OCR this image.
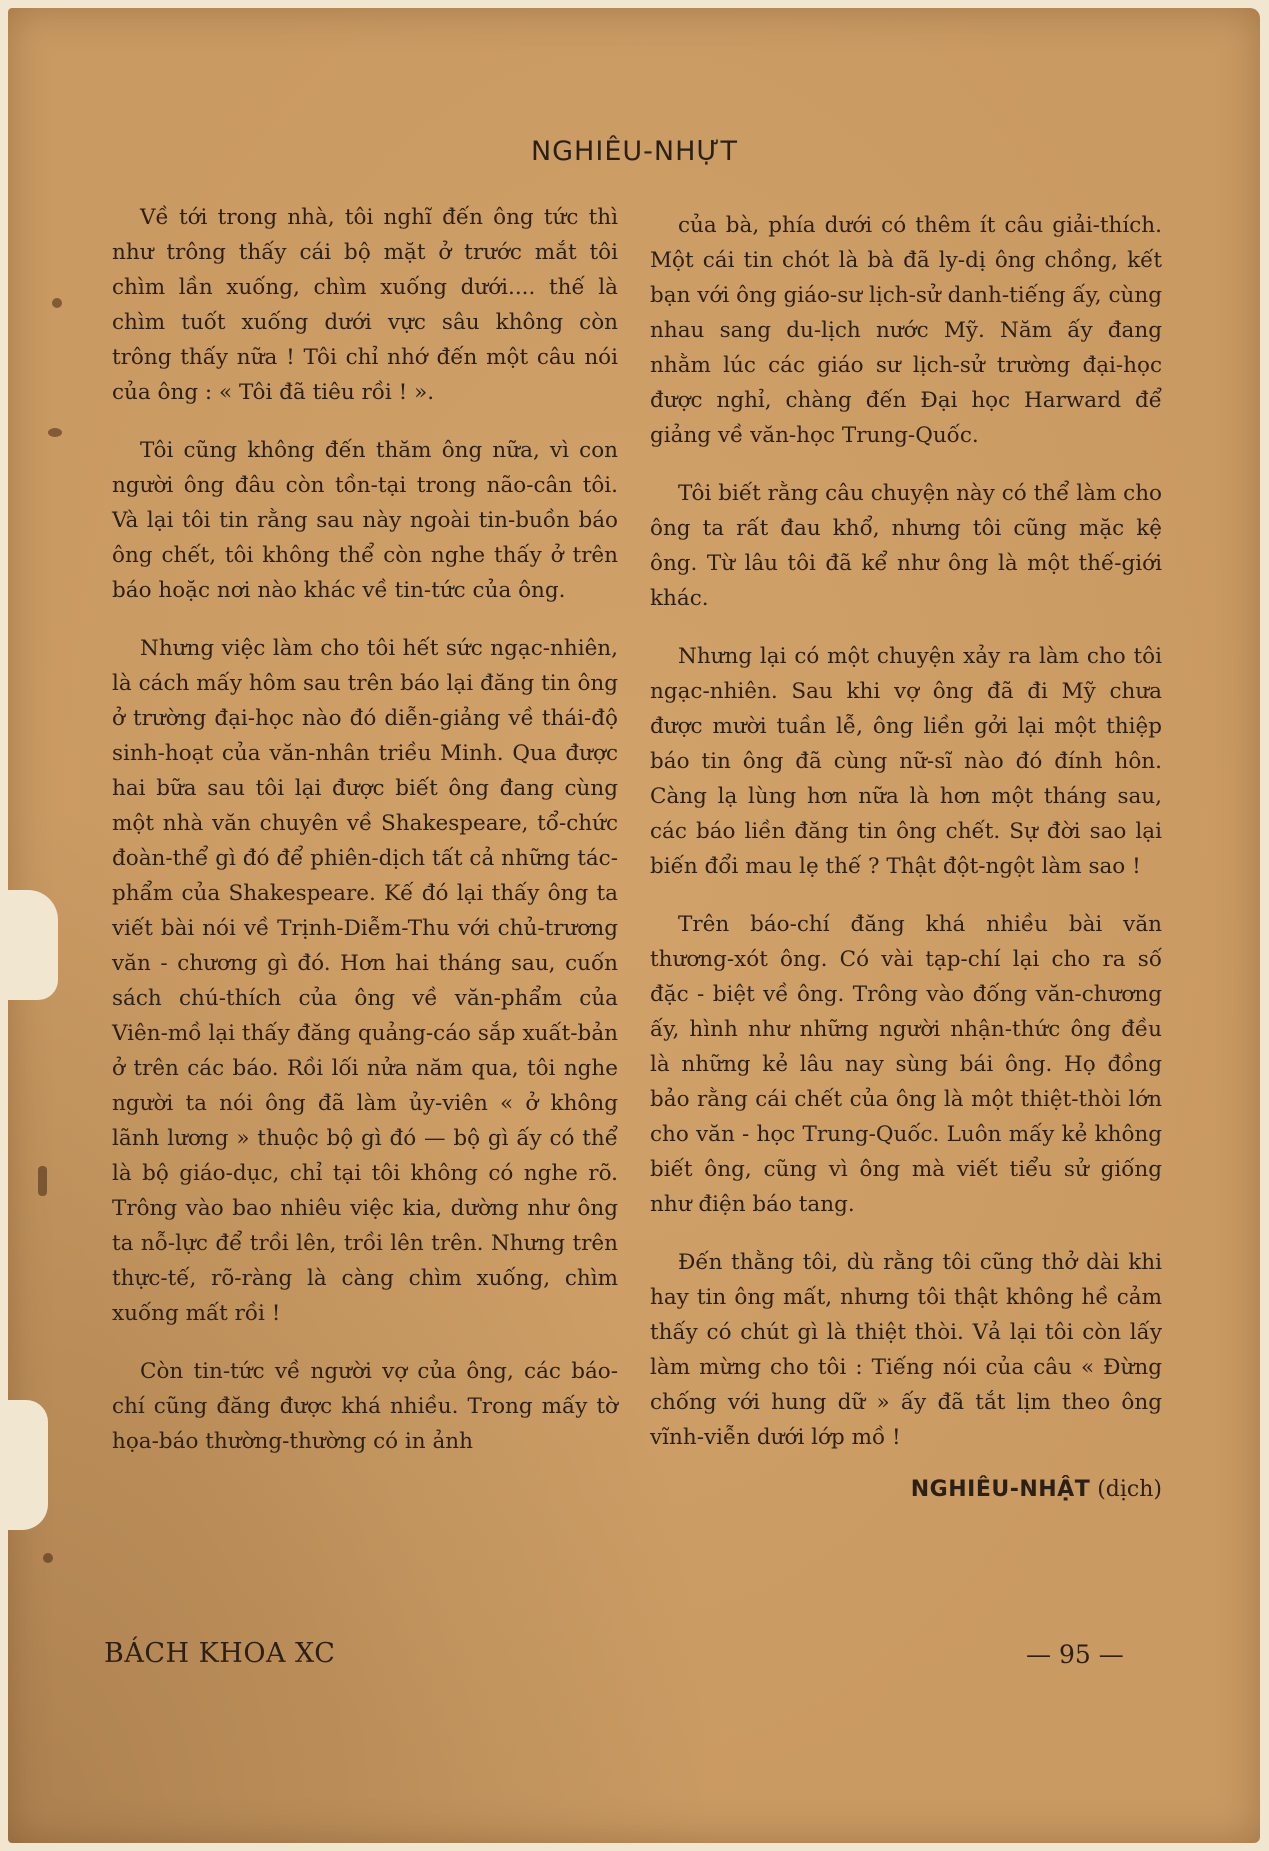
NGHIÊU-NHỰT

Về tới trong nhà, tôi nghĩ đến ông tức thì như trông thấy cái bộ mặt ở trước mắt tôi chìm lần xuống, chìm xuống dưới.... thế là chìm tuốt xuống dưới vực sâu không còn trông thấy nữa ! Tôi chỉ nhớ đến một câu nói của ông : « Tôi đã tiêu rồi ! ».

Tôi cũng không đến thăm ông nữa, vì con người ông đâu còn tồn-tại trong não-cân tôi. Và lại tôi tin rằng sau này ngoài tin-buồn báo ông chết, tôi không thể còn nghe thấy ở trên báo hoặc nơi nào khác về tin-tức của ông.

Nhưng việc làm cho tôi hết sức ngạc-nhiên, là cách mấy hôm sau trên báo lại đăng tin ông ở trường đại-học nào đó diễn-giảng về thái-độ sinh-hoạt của văn-nhân triều Minh. Qua được hai bữa sau tôi lại được biết ông đang cùng một nhà văn chuyên về Shakespeare, tổ-chức đoàn-thể gì đó để phiên-dịch tất cả những tác-phẩm của Shakespeare. Kế đó lại thấy ông ta viết bài nói về Trịnh-Diễm-Thu với chủ-trương văn - chương gì đó. Hơn hai tháng sau, cuốn sách chú-thích của ông về văn-phẩm của Viên-mồ lại thấy đăng quảng-cáo sắp xuất-bản ở trên các báo. Rồi lối nửa năm qua, tôi nghe người ta nói ông đã làm ủy-viên « ở không lãnh lương » thuộc bộ gì đó — bộ gì ấy có thể là bộ giáo-dục, chỉ tại tôi không có nghe rõ. Trông vào bao nhiêu việc kia, dường như ông ta nỗ-lực để trồi lên, trồi lên trên. Nhưng trên thực-tế, rõ-ràng là càng chìm xuống, chìm xuống mất rồi !

Còn tin-tức về người vợ của ông, các báo-chí cũng đăng được khá nhiều. Trong mấy tờ họa-báo thường-thường có in ảnh

của bà, phía dưới có thêm ít câu giải-thích. Một cái tin chót là bà đã ly-dị ông chồng, kết bạn với ông giáo-sư lịch-sử danh-tiếng ấy, cùng nhau sang du-lịch nước Mỹ. Năm ấy đang nhằm lúc các giáo sư lịch-sử trường đại-học được nghỉ, chàng đến Đại học Harward để giảng về văn-học Trung-Quốc.

Tôi biết rằng câu chuyện này có thể làm cho ông ta rất đau khổ, nhưng tôi cũng mặc kệ ông. Từ lâu tôi đã kể như ông là một thế-giới khác.

Nhưng lại có một chuyện xảy ra làm cho tôi ngạc-nhiên. Sau khi vợ ông đã đi Mỹ chưa được mười tuần lễ, ông liền gởi lại một thiệp báo tin ông đã cùng nữ-sĩ nào đó đính hôn. Càng lạ lùng hơn nữa là hơn một tháng sau, các báo liền đăng tin ông chết. Sự đời sao lại biến đổi mau lẹ thế ? Thật đột-ngột làm sao !

Trên báo-chí đăng khá nhiều bài văn thương-xót ông. Có vài tạp-chí lại cho ra số đặc - biệt về ông. Trông vào đống văn-chương ấy, hình như những người nhận-thức ông đều là những kẻ lâu nay sùng bái ông. Họ đồng bảo rằng cái chết của ông là một thiệt-thòi lớn cho văn - học Trung-Quốc. Luôn mấy kẻ không biết ông, cũng vì ông mà viết tiểu sử giống như điện báo tang.

Đến thằng tôi, dù rằng tôi cũng thở dài khi hay tin ông mất, nhưng tôi thật không hề cảm thấy có chút gì là thiệt thòi. Vả lại tôi còn lấy làm mừng cho tôi : Tiếng nói của câu « Đừng chống với hung dữ » ấy đã tắt lịm theo ông vĩnh-viễn dưới lớp mồ !

NGHIÊU-NHẬT (dịch)
BÁCH KHOA XC	— 95 —
